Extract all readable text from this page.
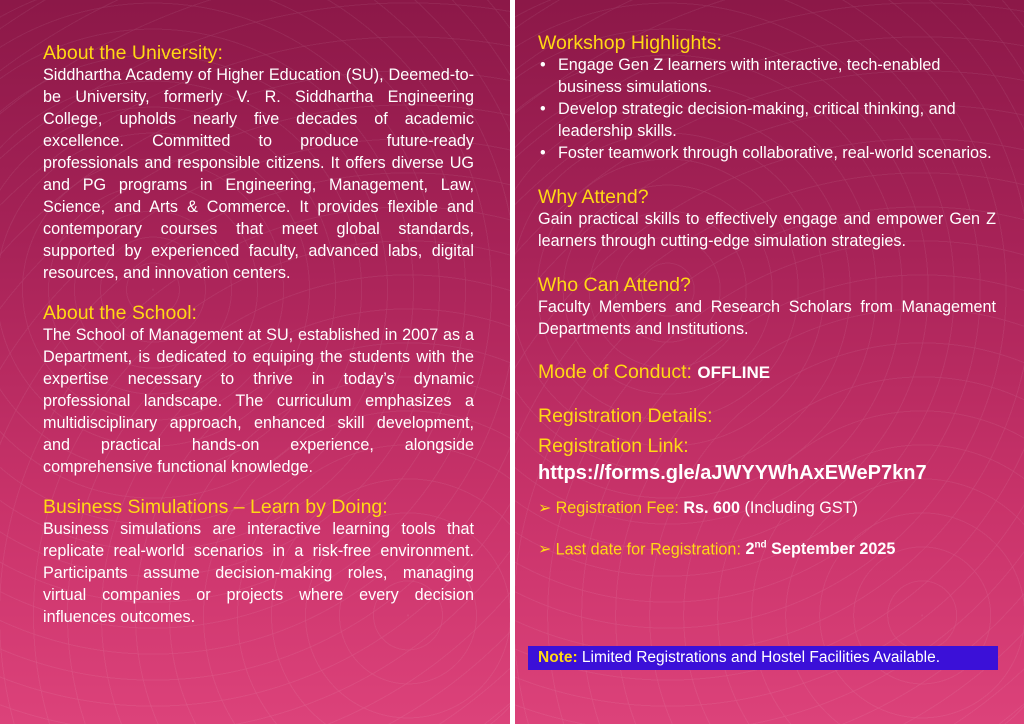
About the University:

Siddhartha Academy of Higher Education (SU), Deemed-to-be University, formerly V. R. Siddhartha Engineering College, upholds nearly five decades of academic excellence. Committed to produce future-ready professionals and responsible citizens. It offers diverse UG and PG programs in Engineering, Management, Law, Science, and Arts & Commerce. It provides flexible and contemporary courses that meet global standards, supported by experienced faculty, advanced labs, digital resources, and innovation centers.

About the School:

The School of Management at SU, established in 2007 as a Department, is dedicated to equiping the students with the expertise necessary to thrive in today’s dynamic professional landscape. The curriculum emphasizes a multidisciplinary approach, enhanced skill development, and practical hands-on experience, alongside comprehensive functional knowledge.

Business Simulations – Learn by Doing:

Business simulations are interactive learning tools that replicate real-world scenarios in a risk-free environment. Participants assume decision-making roles, managing virtual companies or projects where every decision influences outcomes.

Workshop Highlights:
• Engage Gen Z learners with interactive, tech-enabled business simulations.
• Develop strategic decision-making, critical thinking, and leadership skills.
• Foster teamwork through collaborative, real-world scenarios.
Why Attend?

Gain practical skills to effectively engage and empower Gen Z learners through cutting-edge simulation strategies.

Who Can Attend?

Faculty Members and Research Scholars from Management Departments and Institutions.

Mode of Conduct: OFFLINE
Registration Details:
Registration Link:
https://forms.gle/aJWYYWhAxEWeP7kn7
➢ Registration Fee: Rs. 600 (Including GST)
➢ Last date for Registration: 2nd September 2025
Note: Limited Registrations and Hostel Facilities Available.
